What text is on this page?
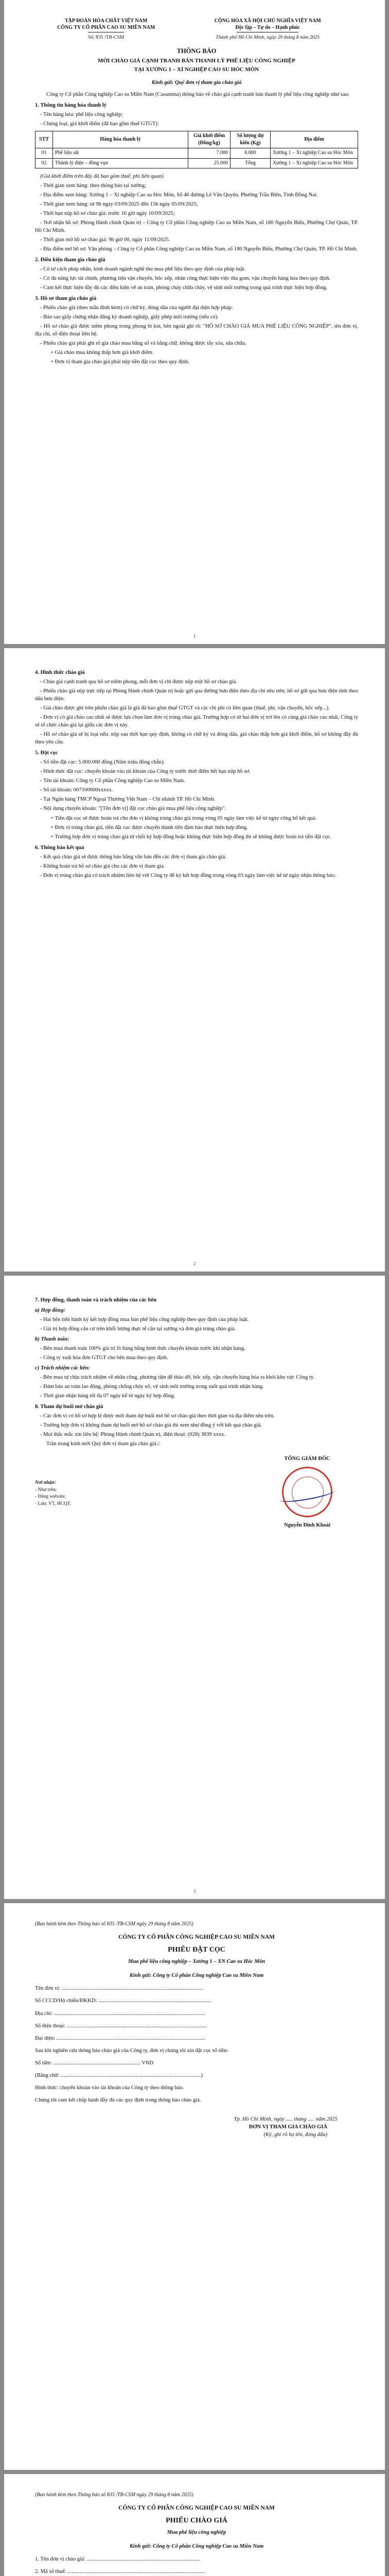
TẬP ĐOÀN HÓA CHẤT VIỆT NAM
CÔNG TY CỔ PHẦN CAO SU MIỀN NAM
Số: 835 /TB-CSM
CỘNG HÒA XÃ HỘI CHỦ NGHĨA VIỆT NAM
Độc lập – Tự do – Hạnh phúc
Thành phố Hồ Chí Minh, ngày 29 tháng 8 năm 2025
THÔNG BÁO
MỜI CHÀO GIÁ CẠNH TRANH BÁN THANH LÝ PHẾ LIỆU CÔNG NGHIỆP
TẠI XƯỞNG 1 – XÍ NGHIỆP CAO SU HÓC MÔN
Kính gửi: Quý đơn vị tham gia chào giá

Công ty Cổ phần Công nghiệp Cao su Miền Nam (Casumina) thông báo về chào giá cạnh tranh bán thanh lý phế liệu công nghiệp như sau:

1. Thông tin hàng hóa thanh lý

- Tên hàng hóa: phế liệu công nghiệp;

- Chủng loại, giá khởi điểm (đã bao gồm thuế GTGT):

STT	Hàng hóa thanh lý	Giá khởi điểm (Đồng/kg)	Số lượng dự kiến (Kg)	Địa điểm
01	Phế liệu sắt	7.000	8.000	Xưởng 1 – Xí nghiệp Cao su Hóc Môn
02	Thành lý điện – đồng vụn	25.000	Tổng	Xưởng 1 – Xí nghiệp Cao su Hóc Môn

(Giá khởi điểm trên đây đã bao gồm thuế, phí liên quan)

- Thời gian xem hàng: theo thông báo tại xưởng;

- Địa điểm xem hàng: Xưởng 1 – Xí nghiệp Cao su Hóc Môn, Số 46 đường Lê Văn Quyện, Phường Trần Biên, Tỉnh Đồng Nai.

- Thời gian xem hàng: từ 9h ngày 03/09/2025 đến 15h ngày 05/09/2025;

- Thời hạn nộp hồ sơ chào giá: trước 16 giờ ngày 10/09/2025;

- Nơi nhận hồ sơ: Phòng Hành chính Quản trị – Công ty Cổ phần Công nghiệp Cao su Miền Nam, số 180 Nguyễn Biểu, Phường Chợ Quán, TP. Hồ Chí Minh.

- Thời gian mở hồ sơ chào giá: 9h giờ 00, ngày 11/09/2025.

- Địa điểm mở hồ sơ: Văn phòng – Công ty Cổ phần Công nghiệp Cao su Miền Nam, số 180 Nguyễn Biểu, Phường Chợ Quán, TP. Hồ Chí Minh.

2. Điều kiện tham gia chào giá

- Có tư cách pháp nhân, kinh doanh ngành nghề thu mua phế liệu theo quy định của pháp luật.

- Có đủ năng lực tài chính, phương tiện vận chuyển, bốc xếp, nhân công thực hiện việc thu gom, vận chuyển hàng hóa theo quy định.

- Cam kết thực hiện đầy đủ các điều kiện về an toàn, phòng cháy chữa cháy, vệ sinh môi trường trong quá trình thực hiện hợp đồng.

3. Hồ sơ tham gia chào giá

- Phiếu chào giá (theo mẫu đính kèm) có chữ ký, đóng dấu của người đại diện hợp pháp.

- Bản sao giấy chứng nhận đăng ký doanh nghiệp, giấy phép môi trường (nếu có).

- Hồ sơ chào giá được niêm phong trong phong bì kín, bên ngoài ghi rõ: "HỒ SƠ CHÀO GIÁ MUA PHẾ LIỆU CÔNG NGHIỆP", tên đơn vị, địa chỉ, số điện thoại liên hệ.

- Phiếu chào giá phải ghi rõ giá chào mua bằng số và bằng chữ, không được tẩy xóa, sửa chữa.

+ Giá chào mua không thấp hơn giá khởi điểm.

+ Đơn vị tham gia chào giá phải nộp tiền đặt cọc theo quy định.

1
4. Hình thức chào giá

- Chào giá cạnh tranh qua hồ sơ niêm phong, mỗi đơn vị chỉ được nộp một hồ sơ chào giá.

- Phiếu chào giá nộp trực tiếp tại Phòng Hành chính Quản trị hoặc gửi qua đường bưu điện theo địa chỉ nêu trên; hồ sơ gửi qua bưu điện tính theo dấu bưu điện.

- Giá chào được ghi trên phiếu chào giá là giá đã bao gồm thuế GTGT và các chi phí có liên quan (thuế, phí, vận chuyển, bốc xếp...).

- Đơn vị có giá chào cao nhất sẽ được lựa chọn làm đơn vị trúng chào giá. Trường hợp có từ hai đơn vị trở lên có cùng giá chào cao nhất, Công ty sẽ tổ chức chào giá lại giữa các đơn vị này.

- Hồ sơ chào giá sẽ bị loại nếu: nộp sau thời hạn quy định, không có chữ ký và đóng dấu, giá chào thấp hơn giá khởi điểm, hồ sơ không đầy đủ theo yêu cầu.

5. Đặt cọc

- Số tiền đặt cọc: 5.000.000 đồng (Năm triệu đồng chẵn).

- Hình thức đặt cọc: chuyển khoản vào tài khoản của Công ty trước thời điểm hết hạn nộp hồ sơ.

- Tên tài khoản: Công ty Cổ phần Công nghiệp Cao su Miền Nam.

- Số tài khoản: 007100000xxxxx.

- Tại Ngân hàng TMCP Ngoại Thương Việt Nam – Chi nhánh TP. Hồ Chí Minh.

- Nội dung chuyển khoản: "[Tên đơn vị] đặt cọc chào giá mua phế liệu công nghiệp".

+ Tiền đặt cọc sẽ được hoàn trả cho đơn vị không trúng chào giá trong vòng 05 ngày làm việc kể từ ngày công bố kết quả.

+ Đơn vị trúng chào giá, tiền đặt cọc được chuyển thành tiền đảm bảo thực hiện hợp đồng.

+ Trường hợp đơn vị trúng chào giá từ chối ký hợp đồng hoặc không thực hiện hợp đồng thì sẽ không được hoàn trả tiền đặt cọc.

6. Thông báo kết quả

- Kết quả chào giá sẽ được thông báo bằng văn bản đến các đơn vị tham gia chào giá.

- Không hoàn trả hồ sơ chào giá cho các đơn vị tham gia.

- Đơn vị trúng chào giá có trách nhiệm liên hệ với Công ty để ký kết hợp đồng trong vòng 03 ngày làm việc kể từ ngày nhận thông báo.

2
7. Hợp đồng, thanh toán và trách nhiệm của các bên
a) Hợp đồng:

- Hai bên tiến hành ký kết hợp đồng mua bán phế liệu công nghiệp theo quy định của pháp luật.

- Giá trị hợp đồng căn cứ trên khối lượng thực tế cân tại xưởng và đơn giá trúng chào giá.

b) Thanh toán:

- Bên mua thanh toán 100% giá trị lô hàng bằng hình thức chuyển khoản trước khi nhận hàng.

- Công ty xuất hóa đơn GTGT cho bên mua theo quy định.

c) Trách nhiệm các bên:

- Bên mua tự chịu trách nhiệm về nhân công, phương tiện để tháo dỡ, bốc xếp, vận chuyển hàng hóa ra khỏi khu vực Công ty.

- Đảm bảo an toàn lao động, phòng chống cháy nổ, vệ sinh môi trường trong suốt quá trình nhận hàng.

- Thời gian nhận hàng tối đa 07 ngày kể từ ngày ký hợp đồng.

8. Tham dự buổi mở chào giá

- Các đơn vị có hồ sơ hợp lệ được mời tham dự buổi mở hồ sơ chào giá theo thời gian và địa điểm nêu trên.

- Trường hợp đơn vị không tham dự buổi mở hồ sơ chào giá thì xem như đồng ý với kết quả chào giá.

- Mọi thắc mắc xin liên hệ: Phòng Hành chính Quản trị, điện thoại: (028) 3839 xxxx.

Trân trọng kính mời Quý đơn vị tham gia chào giá./.

TỔNG GIÁM ĐỐC
Nguyễn Đình Khoái
Nơi nhận:
- Như trên;
- Đăng website;
- Lưu: VT, HCQT.
3
(Ban hành kèm theo Thông báo số 835 /TB-CSM ngày 29 tháng 8 năm 2025)
CÔNG TY CỔ PHẦN CÔNG NGHIỆP CAO SU MIỀN NAM
PHIẾU ĐẶT CỌC
Mua phế liệu công nghiệp – Xưởng 1 – XN Cao su Hóc Môn
Kính gửi: Công ty Cổ phần Công nghiệp Cao su Miền Nam
Tên đơn vị: ........................................................................................................
Số CCCD/Hộ chiếu/ĐKKD: ...................................................................................
Địa chỉ: ...............................................................................................................
Số điện thoại: .......................................................................................................
Đại diện: .............................................................................................................
Sau khi nghiên cứu thông báo chào giá của Công ty, đơn vị chúng tôi xin đặt cọc số tiền:
Số tiền: ................................................................ VND
(Bằng chữ: .......................................................................................................)
Hình thức: chuyển khoản vào tài khoản của Công ty theo thông báo.
Chúng tôi cam kết chấp hành đầy đủ các quy định trong thông báo chào giá.
Tp. Hồ Chí Minh, ngày ..... tháng ..... năm 2025
ĐƠN VỊ THAM GIA CHÀO GIÁ
(Ký, ghi rõ họ tên, đóng dấu)
(Ban hành kèm theo Thông báo số 835 /TB-CSM ngày 29 tháng 8 năm 2025)
CÔNG TY CỔ PHẦN CÔNG NGHIỆP CAO SU MIỀN NAM
PHIẾU CHÀO GIÁ
Mua phế liệu công nghiệp
Kính gửi: Công ty Cổ phần Công nghiệp Cao su Miền Nam
1. Tên đơn vị chào giá: ...................................................................................
2. Mã số thuế: .....................................................................................................
